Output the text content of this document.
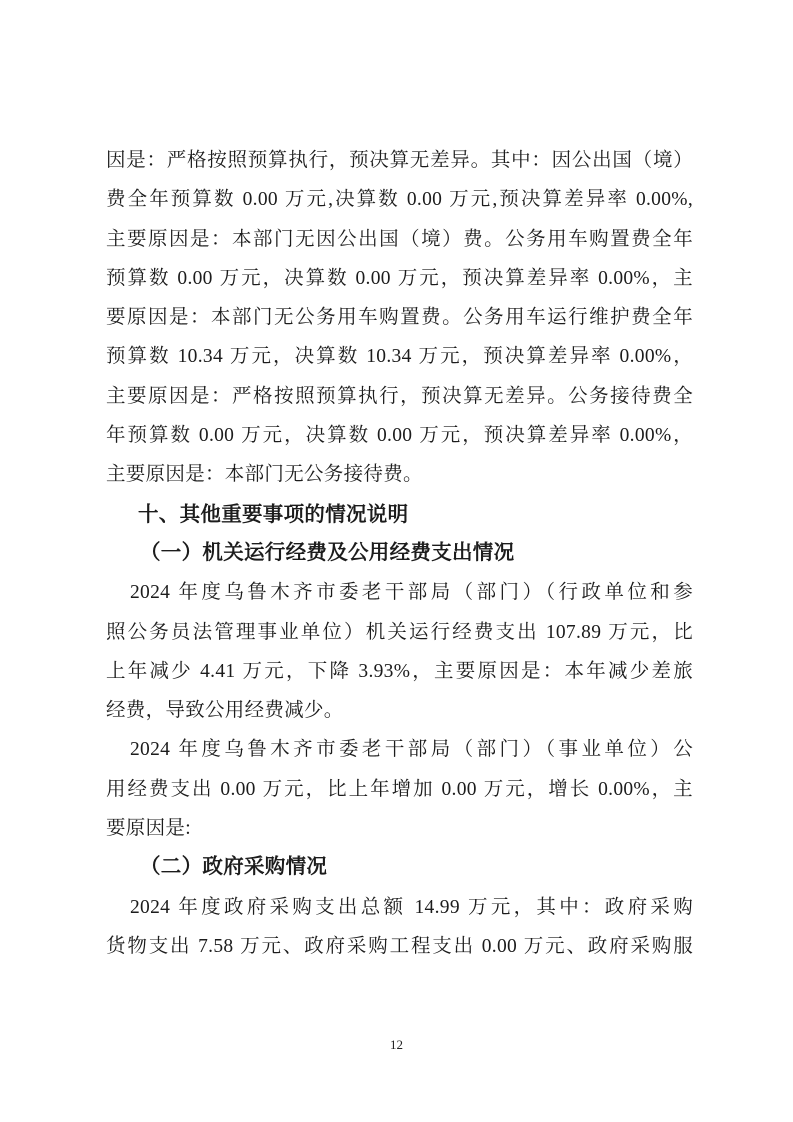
因是：严格按照预算执行，预决算无差异。其中：因公出国（境）
费全年预算数 0.00 万元,决算数 0.00 万元,预决算差异率 0.00%,
主要原因是：本部门无因公出国（境）费。公务用车购置费全年
预算数 0.00 万元，决算数 0.00 万元，预决算差异率 0.00%，主
要原因是：本部门无公务用车购置费。公务用车运行维护费全年
预算数 10.34 万元，决算数 10.34 万元，预决算差异率 0.00%，
主要原因是：严格按照预算执行，预决算无差异。公务接待费全
年预算数 0.00 万元，决算数 0.00 万元，预决算差异率 0.00%，
主要原因是：本部门无公务接待费。
十、其他重要事项的情况说明
（一）机关运行经费及公用经费支出情况
2024 年度乌鲁木齐市委老干部局（部门）（行政单位和参
照公务员法管理事业单位）机关运行经费支出 107.89 万元，比
上年减少 4.41 万元，下降 3.93%，主要原因是：本年减少差旅
经费，导致公用经费减少。
2024 年度乌鲁木齐市委老干部局（部门）（事业单位）公
用经费支出 0.00 万元，比上年增加 0.00 万元，增长 0.00%，主
要原因是:
（二）政府采购情况
2024 年度政府采购支出总额 14.99 万元，其中：政府采购
货物支出 7.58 万元、政府采购工程支出 0.00 万元、政府采购服
12
